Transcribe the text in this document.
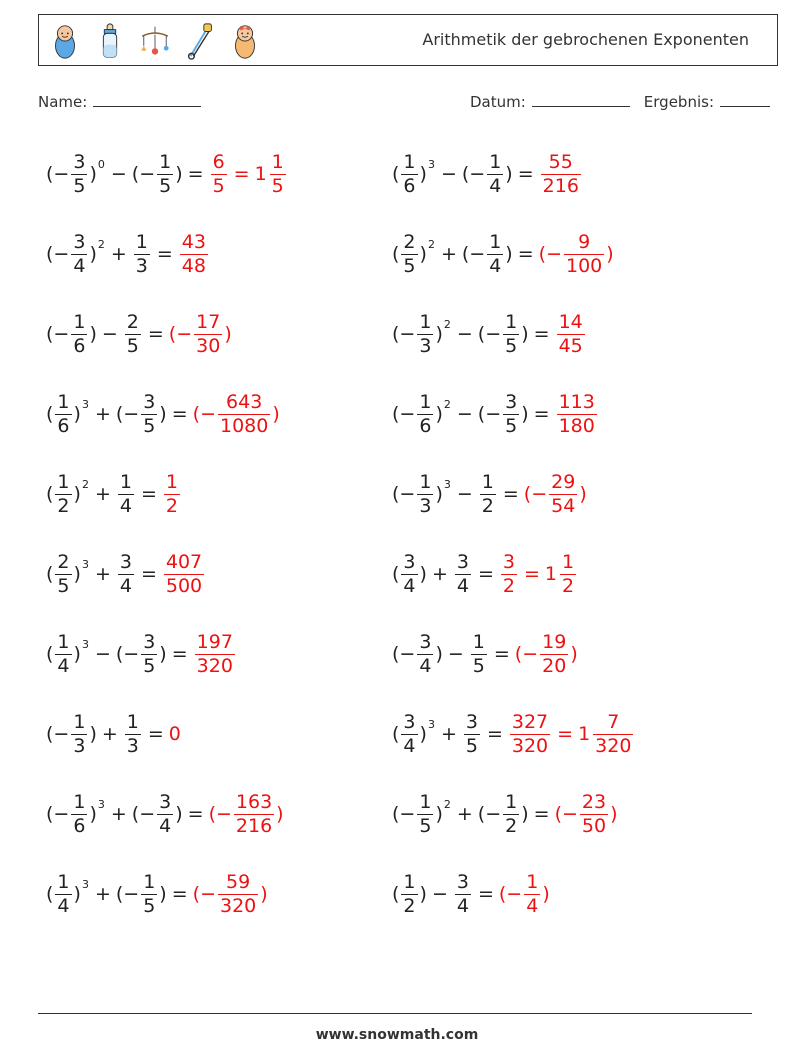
Arithmetik der gebrochenen Exponenten
Name:	Datum:	Ergebnis:
( − $\frac{3}{5}$ ) 0 − ( − $\frac{1}{5}$ ) = $\frac{6}{5} = 1 \frac{1}{5}$	( $\frac{1}{6}$ ) 3 − ( − $\frac{1}{4}$ ) = $\frac{55}{216}$
( − $\frac{3}{4}$ ) $2 + \frac{1}{3} = \frac{43}{48}$	( $\frac{2}{5}$ ) 2 + ( − $\frac{1}{4}$ ) = ( − $\frac{9}{100}$ )
( − $\frac{1}{6}$ ) − $\frac{2}{5}$ = ( − $\frac{17}{30}$ )	( − $\frac{1}{3}$ ) 2 − ( − $\frac{1}{5}$ ) = $\frac{14}{45}$
( $\frac{1}{6}$ ) 3 + ( − $\frac{3}{5}$ ) = ( − $\frac{643}{1080}$ )	( − $\frac{1}{6}$ ) 2 − ( − $\frac{3}{5}$ ) = $\frac{113}{180}$
( $\frac{1}{2}$ ) $2 + \frac{1}{4} = \frac{1}{2}$	( − $\frac{1}{3}$ ) $3 - \frac{1}{2}$ = ( − $\frac{29}{54}$ )
( $\frac{2}{5}$ ) $3 + \frac{3}{4} = \frac{407}{500}$	( $\frac{3}{4}$ ) + $\frac{3}{4} = \frac{3}{2} = 1 \frac{1}{2}$
( $\frac{1}{4}$ ) 3 − ( − $\frac{3}{5}$ ) = $\frac{197}{320}$	( − $\frac{3}{4}$ ) − $\frac{1}{5}$ = ( − $\frac{19}{20}$ )
( − $\frac{1}{3}$ ) + $\frac{1}{3} = 0$	( $\frac{3}{4}$ ) $3 + \frac{3}{5} = \frac{327}{320} = 1 \frac{7}{320}$
( − $\frac{1}{6}$ ) 3 + ( − $\frac{3}{4}$ ) = ( − $\frac{163}{216}$ )	( − $\frac{1}{5}$ ) 2 + ( − $\frac{1}{2}$ ) = ( − $\frac{23}{50}$ )
( $\frac{1}{4}$ ) 3 + ( − $\frac{1}{5}$ ) = ( − $\frac{59}{320}$ )	( $\frac{1}{2}$ ) − $\frac{3}{4}$ = ( − $\frac{1}{4}$ )
www.snowmath.com
